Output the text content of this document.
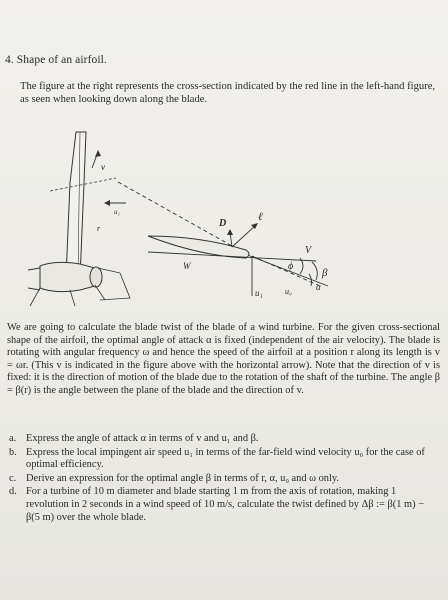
4. Shape of an airfoil.
The figure at the right represents the cross-section indicated by the red line in the left-hand figure, as seen when looking down along the blade.
v
u₁
r	D
ℓ
V
W	ϕ
β
α
u₁	u₀
We are going to calculate the blade twist of the blade of a wind turbine. For the given cross-sectional shape of the airfoil, the optimal angle of attack α is fixed (independent of the air velocity). The blade is rotating with angular frequency ω and hence the speed of the airfoil at a position r along its length is v = ωr. (This v is indicated in the figure above with the horizontal arrow). Note that the direction of v is fixed: it is the direction of motion of the blade due to the rotation of the shaft of the turbine. The angle β = β(r) is the angle between the plane of the blade and the direction of v.
a. Express the angle of attack α in terms of v and u₁ and β.
b. Express the local impingent air speed u₁ in terms of the far-field wind velocity u₀ for the case of optimal efficiency.
c. Derive an expression for the optimal angle β in terms of r, α, u₀ and ω only.
d. For a turbine of 10 m diameter and blade starting 1 m from the axis of rotation, making 1 revolution in 2 seconds in a wind speed of 10 m/s, calculate the twist defined by Δβ := β(1 m) − β(5 m) over the whole blade.
